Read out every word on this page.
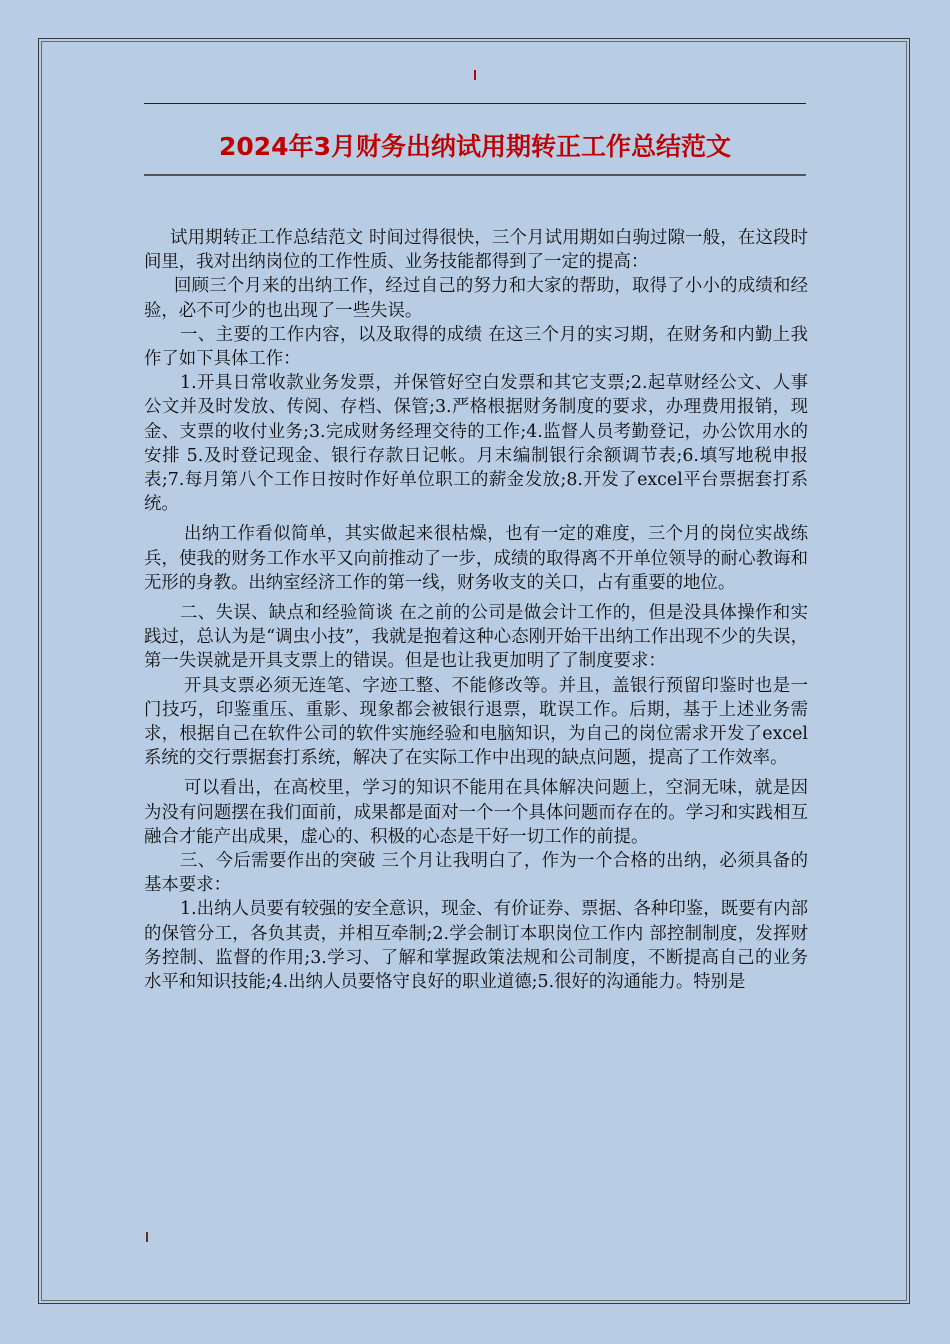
2024年3月财务出纳试用期转正工作总结范文

试用期转正工作总结范文 时间过得很快，三个月试用期如白驹过隙一般，在这段时间里，我对出纳岗位的工作性质、业务技能都得到了一定的提高：

回顾三个月来的出纳工作，经过自己的努力和大家的帮助，取得了小小的成绩和经验，必不可少的也出现了一些失误。

一、主要的工作内容，以及取得的成绩 在这三个月的实习期，在财务和内勤上我作了如下具体工作：

1.开具日常收款业务发票，并保管好空白发票和其它支票;2.起草财经公文、人事公文并及时发放、传阅、存档、保管;3.严格根据财务制度的要求，办理费用报销，现金、支票的收付业务;3.完成财务经理交待的工作;4.监督人员考勤登记，办公饮用水的安排 5.及时登记现金、银行存款日记帐。月末编制银行余额调节表;6.填写地税申报表;7.每月第八个工作日按时作好单位职工的薪金发放;8.开发了excel平台票据套打系统。

出纳工作看似简单，其实做起来很枯燥，也有一定的难度，三个月的岗位实战练兵，使我的财务工作水平又向前推动了一步，成绩的取得离不开单位领导的耐心教诲和无形的身教。出纳室经济工作的第一线，财务收支的关口，占有重要的地位。

二、失误、缺点和经验简谈 在之前的公司是做会计工作的，但是没具体操作和实践过，总认为是“调虫小技”，我就是抱着这种心态刚开始干出纳工作出现不少的失误，第一失误就是开具支票上的错误。但是也让我更加明了了制度要求：

开具支票必须无连笔、字迹工整、不能修改等。并且，盖银行预留印鉴时也是一门技巧，印鉴重压、重影、现象都会被银行退票，耽误工作。后期，基于上述业务需求，根据自己在软件公司的软件实施经验和电脑知识，为自己的岗位需求开发了excel系统的交行票据套打系统，解决了在实际工作中出现的缺点问题，提高了工作效率。

可以看出，在高校里，学习的知识不能用在具体解决问题上，空洞无味，就是因为没有问题摆在我们面前，成果都是面对一个一个具体问题而存在的。学习和实践相互融合才能产出成果，虚心的、积极的心态是干好一切工作的前提。

三、今后需要作出的突破 三个月让我明白了，作为一个合格的出纳，必须具备的基本要求：

1.出纳人员要有较强的安全意识，现金、有价证券、票据、各种印鉴，既要有内部的保管分工，各负其责，并相互牵制;2.学会制订本职岗位工作内 部控制制度，发挥财务控制、监督的作用;3.学习、了解和掌握政策法规和公司制度，不断提高自己的业务水平和知识技能;4.出纳人员要恪守良好的职业道德;5.很好的沟通能力。特别是
